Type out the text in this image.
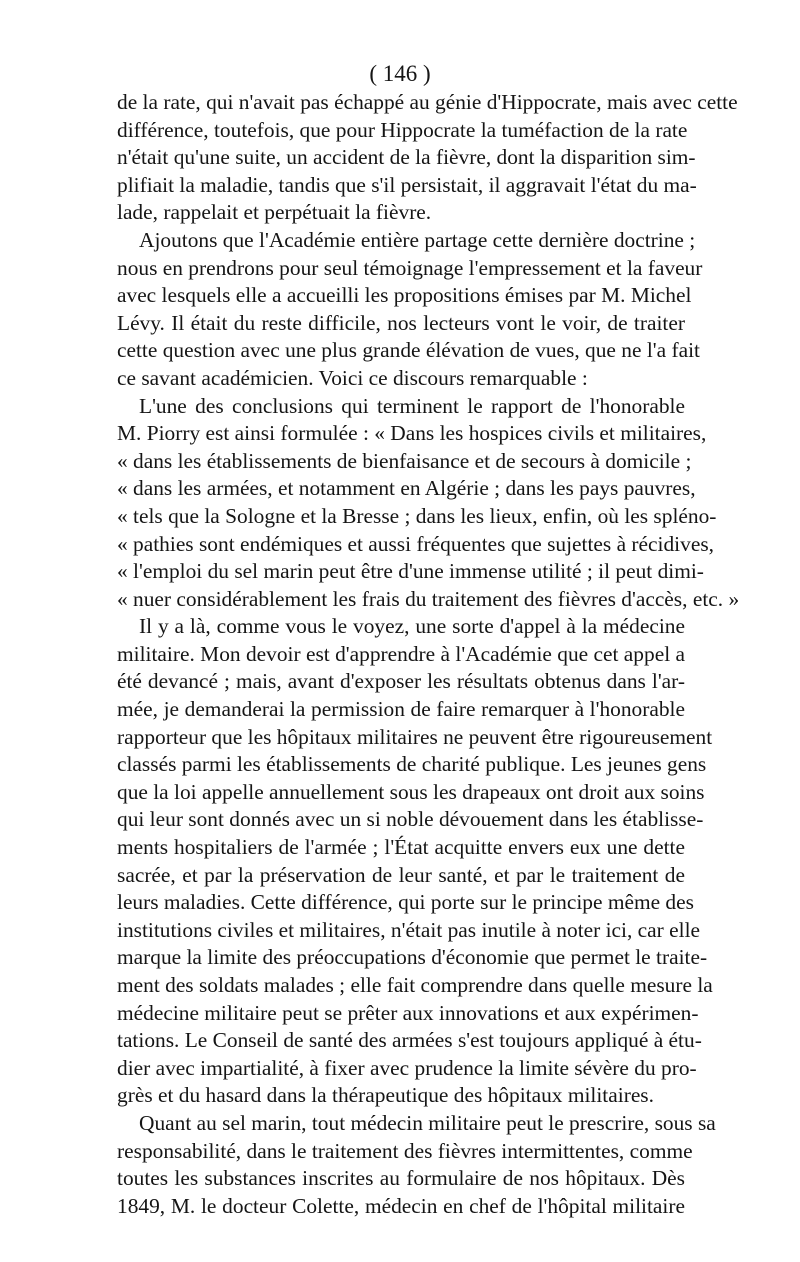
( 146 )
de la rate, qui n'avait pas échappé au génie d'Hippocrate, mais avec cette
différence, toutefois, que pour Hippocrate la tuméfaction de la rate
n'était qu'une suite, un accident de la fièvre, dont la disparition sim-
plifiait la maladie, tandis que s'il persistait, il aggravait l'état du ma-
lade, rappelait et perpétuait la fièvre.
Ajoutons que l'Académie entière partage cette dernière doctrine ;
nous en prendrons pour seul témoignage l'empressement et la faveur
avec lesquels elle a accueilli les propositions émises par M. Michel
Lévy. Il était du reste difficile, nos lecteurs vont le voir, de traiter
cette question avec une plus grande élévation de vues, que ne l'a fait
ce savant académicien. Voici ce discours remarquable :
L'une des conclusions qui terminent le rapport de l'honorable
M. Piorry est ainsi formulée : « Dans les hospices civils et militaires,
« dans les établissements de bienfaisance et de secours à domicile ;
« dans les armées, et notamment en Algérie ; dans les pays pauvres,
« tels que la Sologne et la Bresse ; dans les lieux, enfin, où les spléno-
« pathies sont endémiques et aussi fréquentes que sujettes à récidives,
« l'emploi du sel marin peut être d'une immense utilité ; il peut dimi-
« nuer considérablement les frais du traitement des fièvres d'accès, etc. »
Il y a là, comme vous le voyez, une sorte d'appel à la médecine
militaire. Mon devoir est d'apprendre à l'Académie que cet appel a
été devancé ; mais, avant d'exposer les résultats obtenus dans l'ar-
mée, je demanderai la permission de faire remarquer à l'honorable
rapporteur que les hôpitaux militaires ne peuvent être rigoureusement
classés parmi les établissements de charité publique. Les jeunes gens
que la loi appelle annuellement sous les drapeaux ont droit aux soins
qui leur sont donnés avec un si noble dévouement dans les établisse-
ments hospitaliers de l'armée ; l'État acquitte envers eux une dette
sacrée, et par la préservation de leur santé, et par le traitement de
leurs maladies. Cette différence, qui porte sur le principe même des
institutions civiles et militaires, n'était pas inutile à noter ici, car elle
marque la limite des préoccupations d'économie que permet le traite-
ment des soldats malades ; elle fait comprendre dans quelle mesure la
médecine militaire peut se prêter aux innovations et aux expérimen-
tations. Le Conseil de santé des armées s'est toujours appliqué à étu-
dier avec impartialité, à fixer avec prudence la limite sévère du pro-
grès et du hasard dans la thérapeutique des hôpitaux militaires.
Quant au sel marin, tout médecin militaire peut le prescrire, sous sa
responsabilité, dans le traitement des fièvres intermittentes, comme
toutes les substances inscrites au formulaire de nos hôpitaux. Dès
1849, M. le docteur Colette, médecin en chef de l'hôpital militaire
